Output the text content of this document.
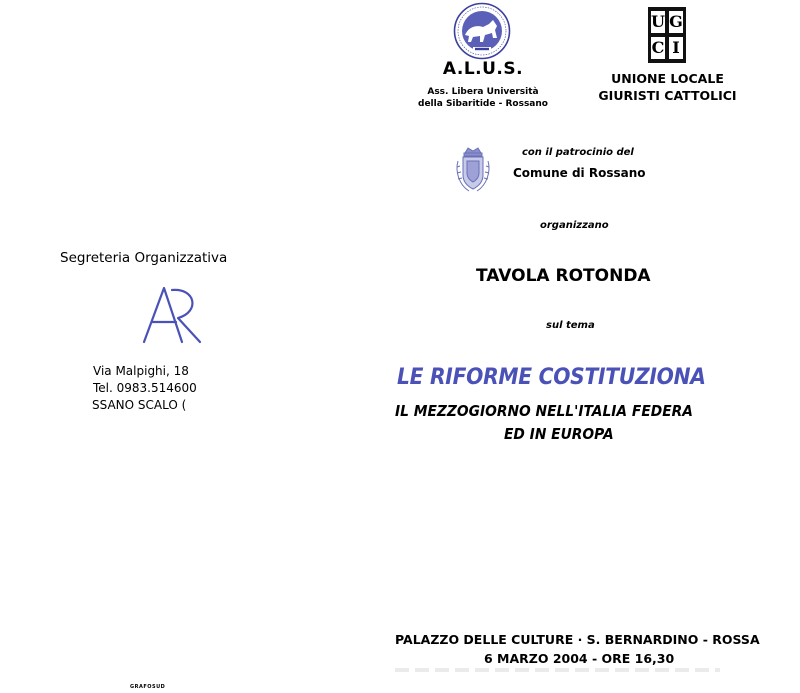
Segreteria Organizzativa
Via Malpighi, 18
Tel. 0983.514600
SSANO SCALO (
GRAFOSUD
A.L.U.S.
Ass. Libera Università
della Sibaritide - Rossano
U G
C I
UNIONE LOCALE
GIURISTI CATTOLICI
con il patrocinio del
Comune di Rossano
organizzano
TAVOLA ROTONDA
sul tema
LE RIFORME COSTITUZIONA
IL MEZZOGIORNO NELL'ITALIA FEDERA
ED IN EUROPA
PALAZZO DELLE CULTURE · S. BERNARDINO - ROSSA
6 MARZO 2004 - ORE 16,30
